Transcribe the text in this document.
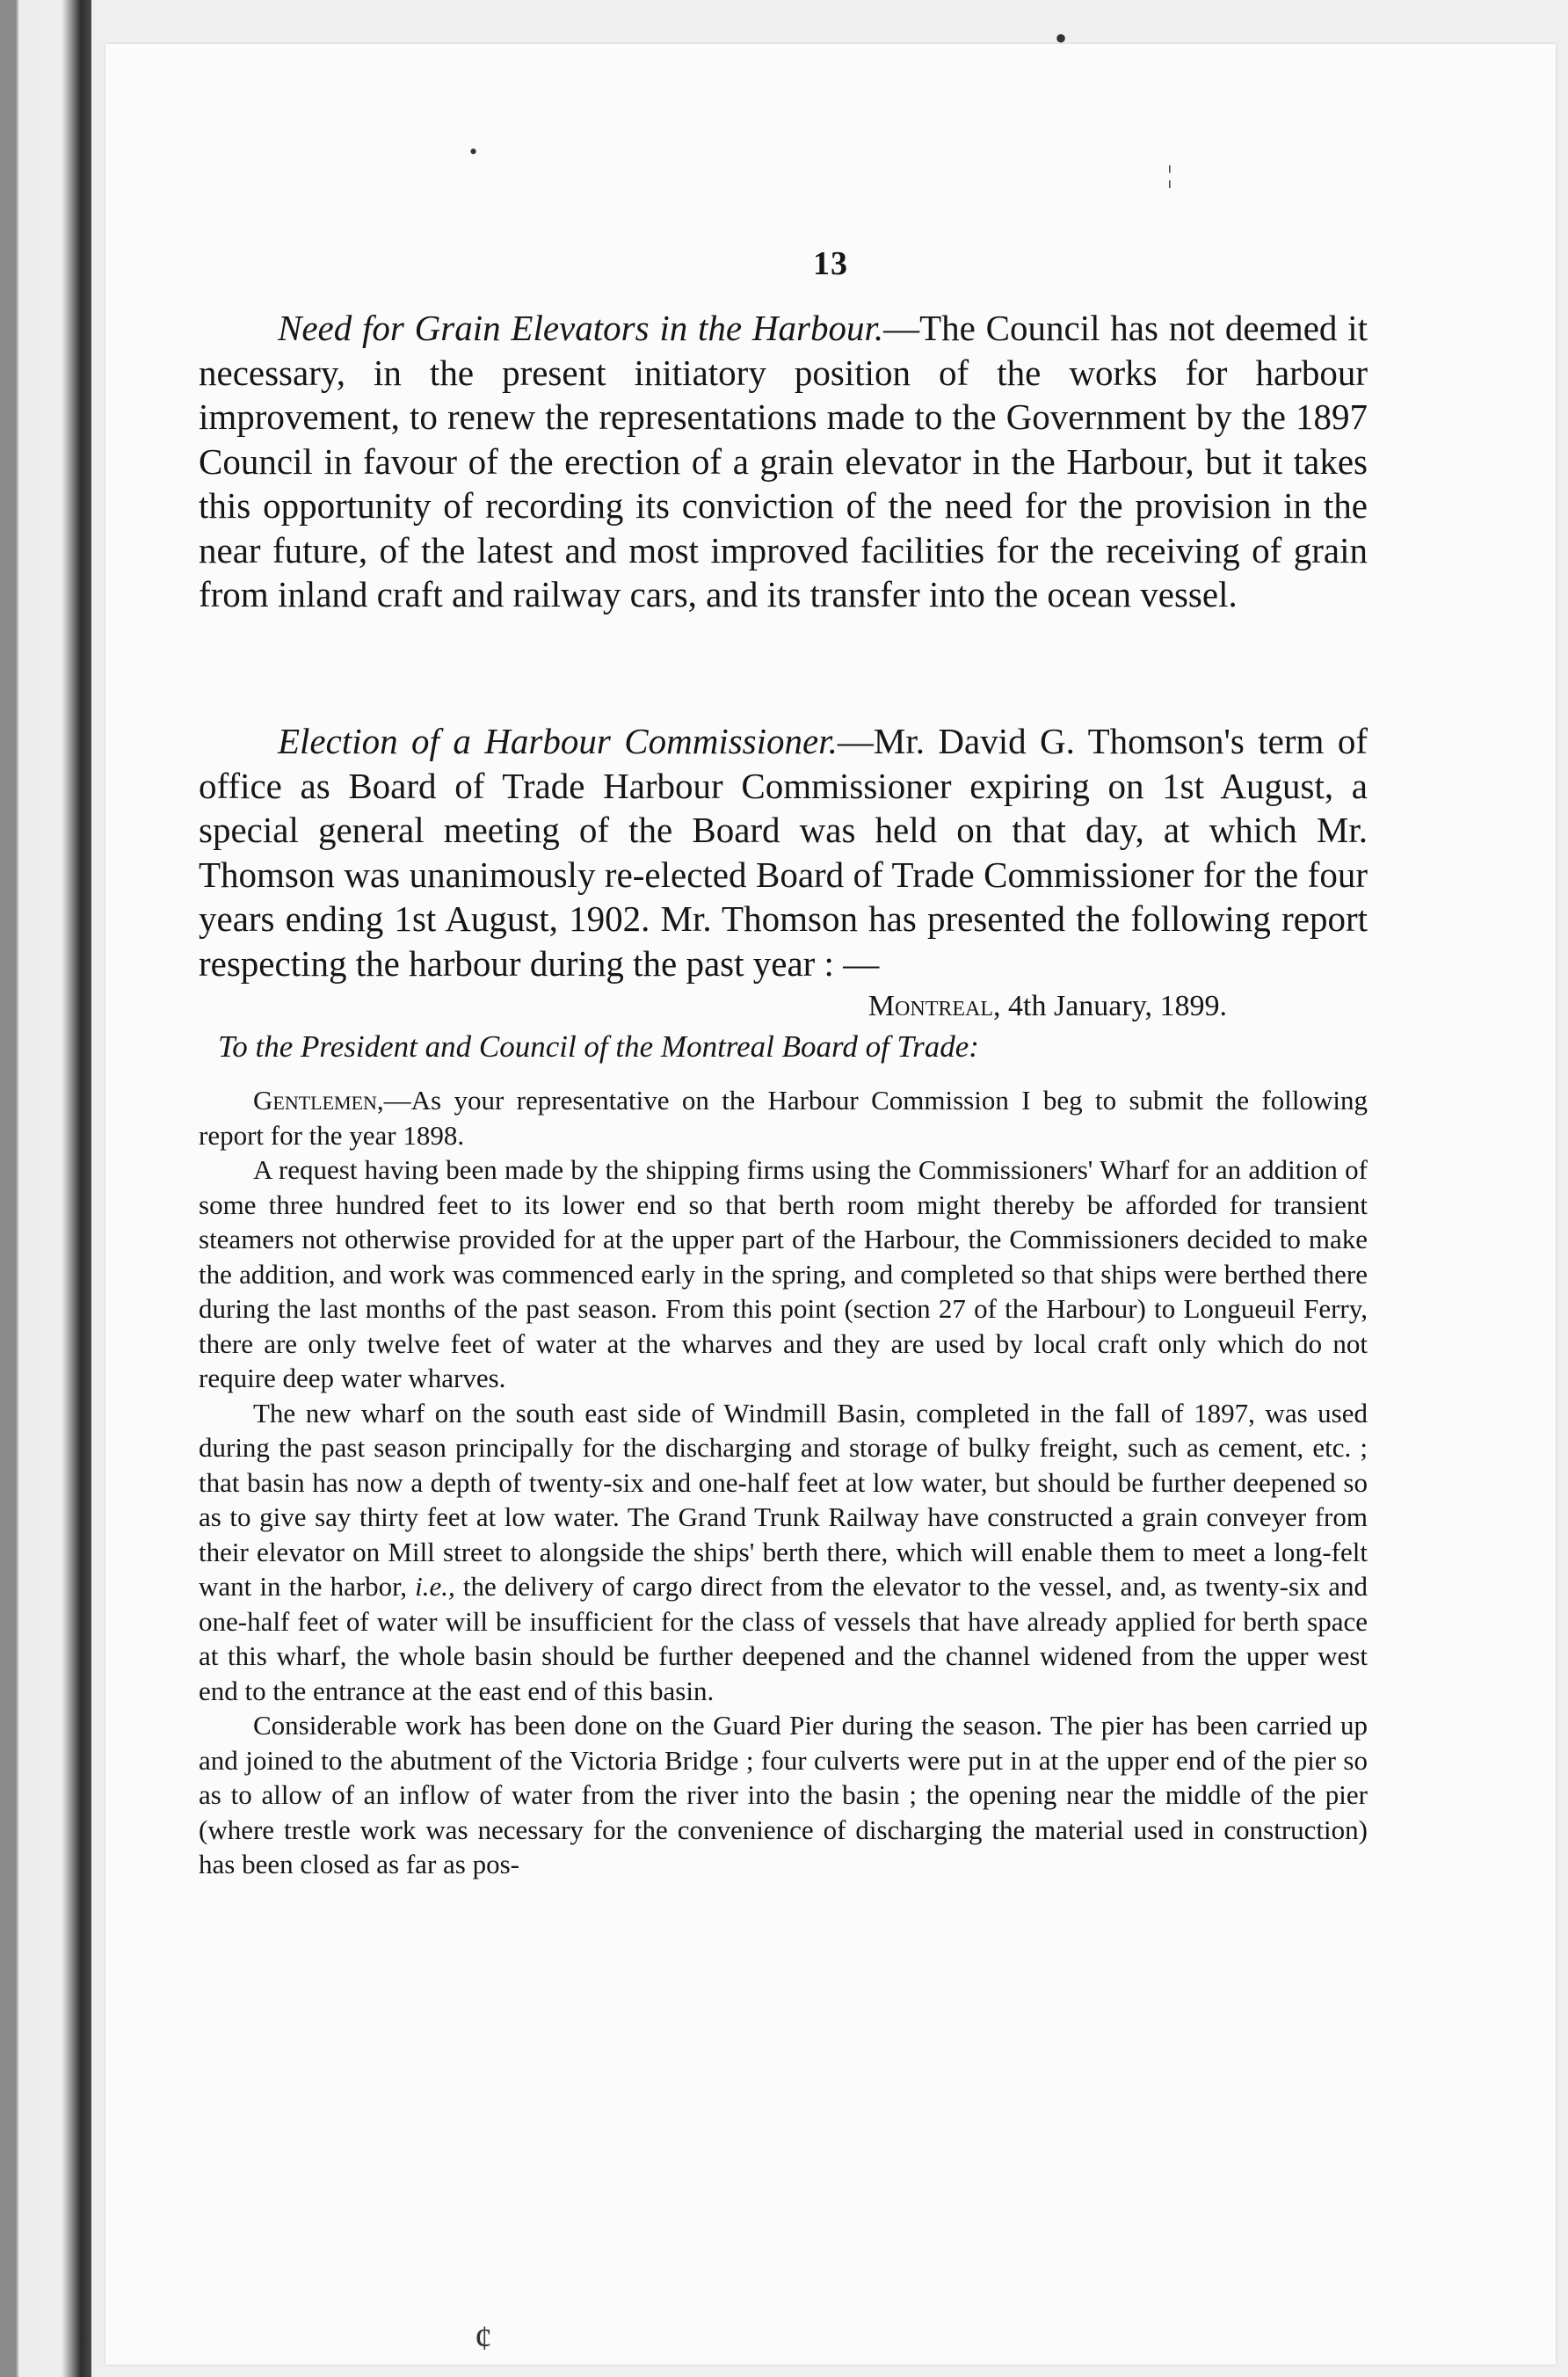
•
¦
•
13

Need for Grain Elevators in the Harbour.—The Council has not deemed it necessary, in the present initiatory position of the works for harbour improvement, to renew the representations made to the Government by the 1897 Council in favour of the erection of a grain elevator in the Harbour, but it takes this opportunity of recording its conviction of the need for the provision in the near future, of the latest and most improved facilities for the receiving of grain from inland craft and railway cars, and its transfer into the ocean vessel.

Election of a Harbour Commissioner.—Mr. David G. Thomson's term of office as Board of Trade Harbour Commissioner expiring on 1st August, a special general meeting of the Board was held on that day, at which Mr. Thomson was unanimously re-elected Board of Trade Commissioner for the four years ending 1st August, 1902. Mr. Thomson has presented the following report respecting the harbour during the past year : —

Montreal, 4th January, 1899.

To the President and Council of the Montreal Board of Trade:

Gentlemen,—As your representative on the Harbour Commission I beg to submit the following report for the year 1898.

A request having been made by the shipping firms using the Commissioners' Wharf for an addition of some three hundred feet to its lower end so that berth room might thereby be afforded for transient steamers not otherwise provided for at the upper part of the Harbour, the Commissioners decided to make the addition, and work was commenced early in the spring, and completed so that ships were berthed there during the last months of the past season. From this point (section 27 of the Harbour) to Longueuil Ferry, there are only twelve feet of water at the wharves and they are used by local craft only which do not require deep water wharves.

The new wharf on the south east side of Windmill Basin, completed in the fall of 1897, was used during the past season principally for the discharging and storage of bulky freight, such as cement, etc. ; that basin has now a depth of twenty-six and one-half feet at low water, but should be further deepened so as to give say thirty feet at low water. The Grand Trunk Railway have constructed a grain conveyer from their elevator on Mill street to alongside the ships' berth there, which will enable them to meet a long-felt want in the harbor, i.e., the delivery of cargo direct from the elevator to the vessel, and, as twenty-six and one-half feet of water will be insufficient for the class of vessels that have already applied for berth space at this wharf, the whole basin should be further deepened and the channel widened from the upper west end to the entrance at the east end of this basin.

Considerable work has been done on the Guard Pier during the season. The pier has been carried up and joined to the abutment of the Victoria Bridge ; four culverts were put in at the upper end of the pier so as to allow of an inflow of water from the river into the basin ; the opening near the middle of the pier (where trestle work was necessary for the convenience of discharging the material used in construction) has been closed as far as pos-

¢
•
